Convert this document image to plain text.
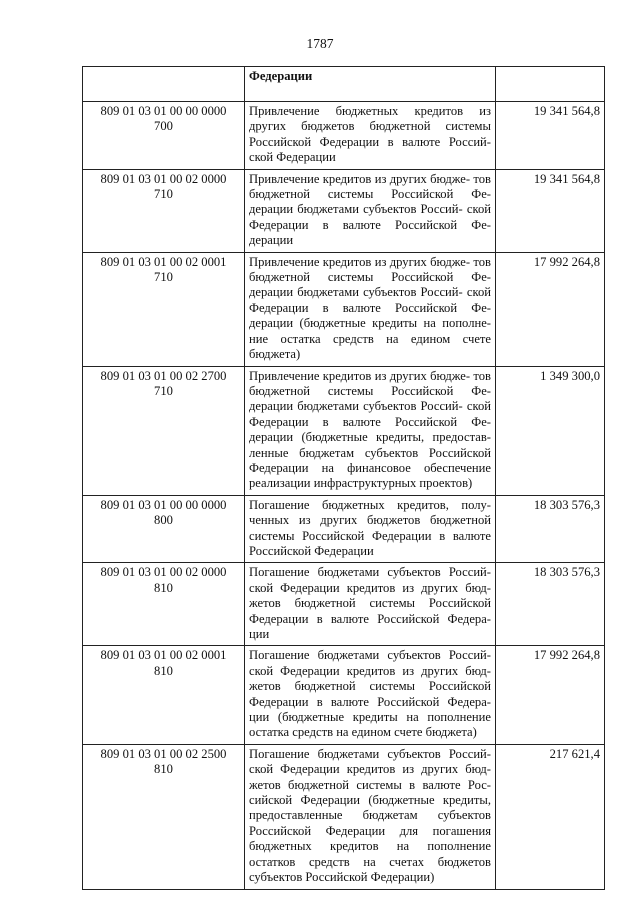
1787
	Федерации	

809 01 03 01 00 00 0000
700	Привлечение бюджетных кредитов из других бюджетов бюджетной системы Российской Федерации в валюте Россий- ской Федерации	19 341 564,8

809 01 03 01 00 02 0000
710	Привлечение кредитов из других бюдже- тов бюджетной системы Российской Фе- дерации бюджетами субъектов Россий- ской Федерации в валюте Российской Фе- дерации	19 341 564,8

809 01 03 01 00 02 0001
710	Привлечение кредитов из других бюдже- тов бюджетной системы Российской Фе- дерации бюджетами субъектов Россий- ской Федерации в валюте Российской Фе- дерации (бюджетные кредиты на пополне- ние остатка средств на едином счете бюджета)	17 992 264,8

809 01 03 01 00 02 2700
710	Привлечение кредитов из других бюдже- тов бюджетной системы Российской Фе- дерации бюджетами субъектов Россий- ской Федерации в валюте Российской Фе- дерации (бюджетные кредиты, предостав- ленные бюджетам субъектов Российской Федерации на финансовое обеспечение реализации инфраструктурных проектов)	1 349 300,0

809 01 03 01 00 00 0000
800	Погашение бюджетных кредитов, полу- ченных из других бюджетов бюджетной системы Российской Федерации в валюте Российской Федерации	18 303 576,3

809 01 03 01 00 02 0000
810	Погашение бюджетами субъектов Россий- ской Федерации кредитов из других бюд- жетов бюджетной системы Российской Федерации в валюте Российской Федера- ции	18 303 576,3

809 01 03 01 00 02 0001
810	Погашение бюджетами субъектов Россий- ской Федерации кредитов из других бюд- жетов бюджетной системы Российской Федерации в валюте Российской Федера- ции (бюджетные кредиты на пополнение остатка средств на едином счете бюджета)	17 992 264,8

809 01 03 01 00 02 2500
810	Погашение бюджетами субъектов Россий- ской Федерации кредитов из других бюд- жетов бюджетной системы в валюте Рос- сийской Федерации (бюджетные кредиты, предоставленные бюджетам субъектов Российской Федерации для погашения бюджетных кредитов на пополнение остатков средств на счетах бюджетов субъектов Российской Федерации)	217 621,4
